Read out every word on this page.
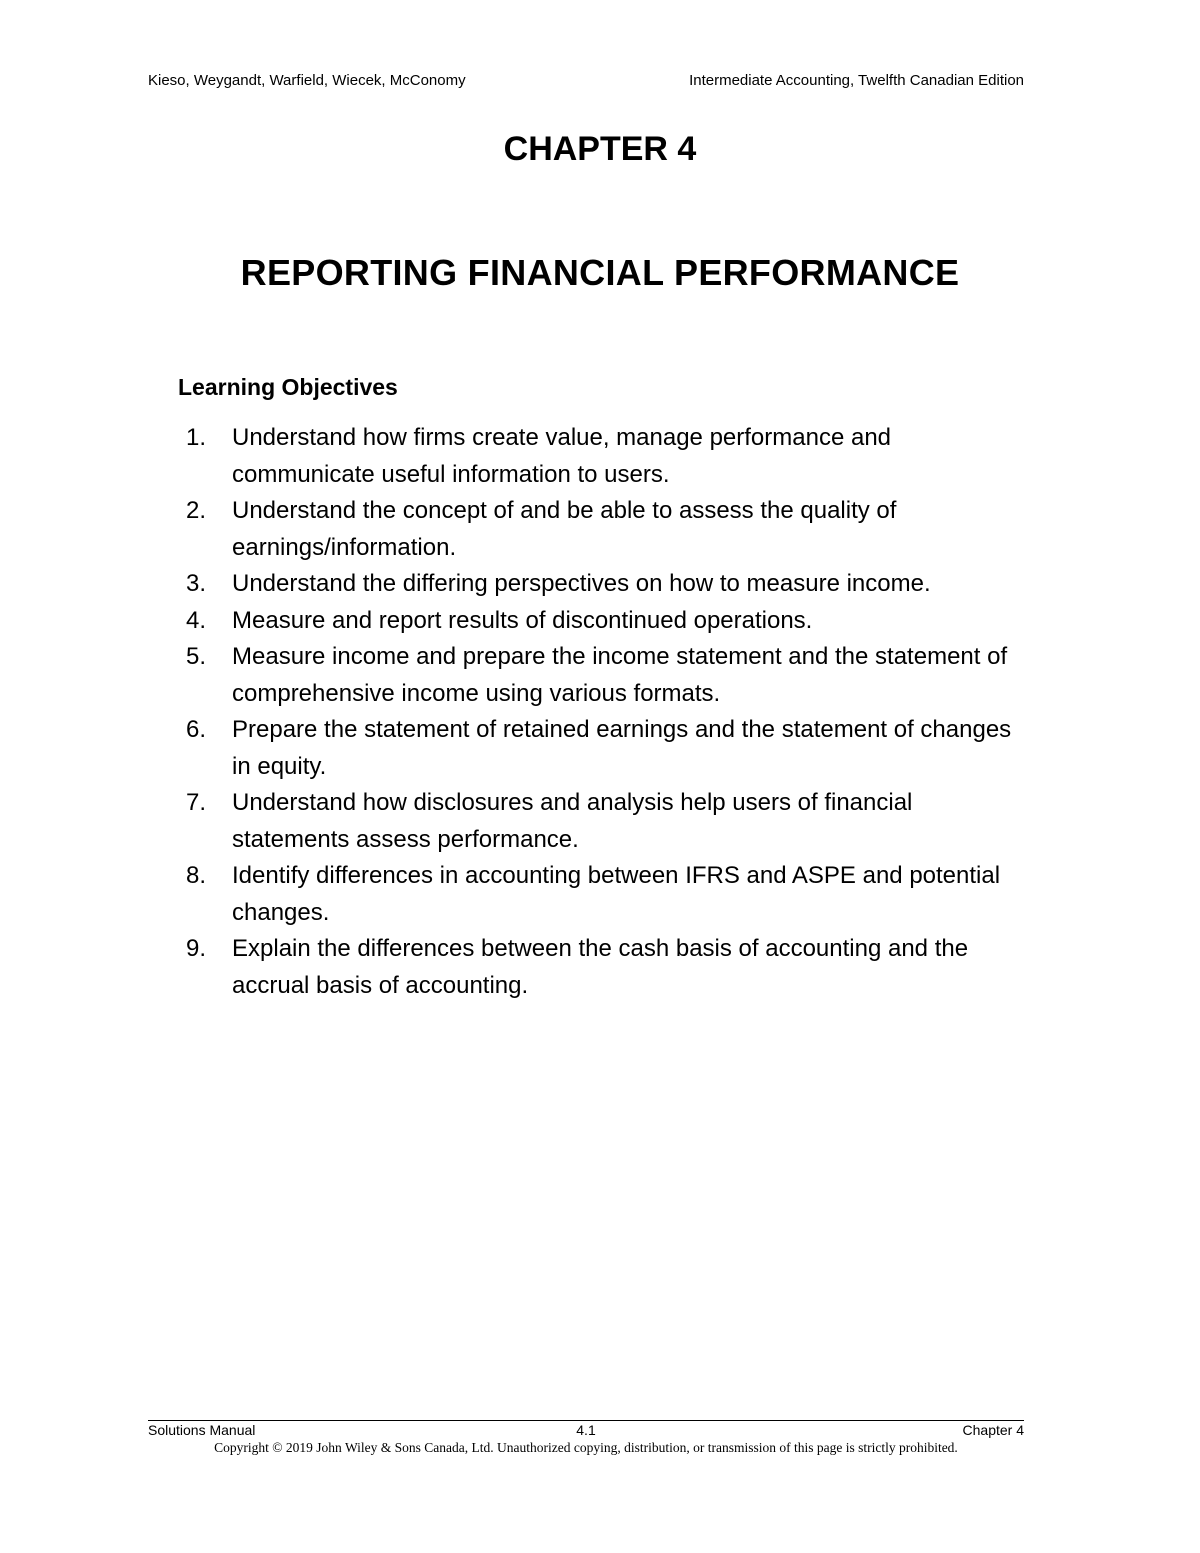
Kieso, Weygandt, Warfield, Wiecek, McConomy	Intermediate Accounting, Twelfth Canadian Edition
CHAPTER 4
REPORTING FINANCIAL PERFORMANCE
Learning Objectives
1.	Understand how firms create value, manage performance and communicate useful information to users.
2.	Understand the concept of and be able to assess the quality of earnings/information.
3.	Understand the differing perspectives on how to measure income.
4.	Measure and report results of discontinued operations.
5.	Measure income and prepare the income statement and the statement of comprehensive income using various formats.
6.	Prepare the statement of retained earnings and the statement of changes in equity.
7.	Understand how disclosures and analysis help users of financial statements assess performance.
8.	Identify differences in accounting between IFRS and ASPE and potential changes.
9.	Explain the differences between the cash basis of accounting and the accrual basis of accounting.
Solutions Manual	4.1	Chapter 4
Copyright © 2019 John Wiley & Sons Canada, Ltd. Unauthorized copying, distribution, or transmission of this page is strictly prohibited.
